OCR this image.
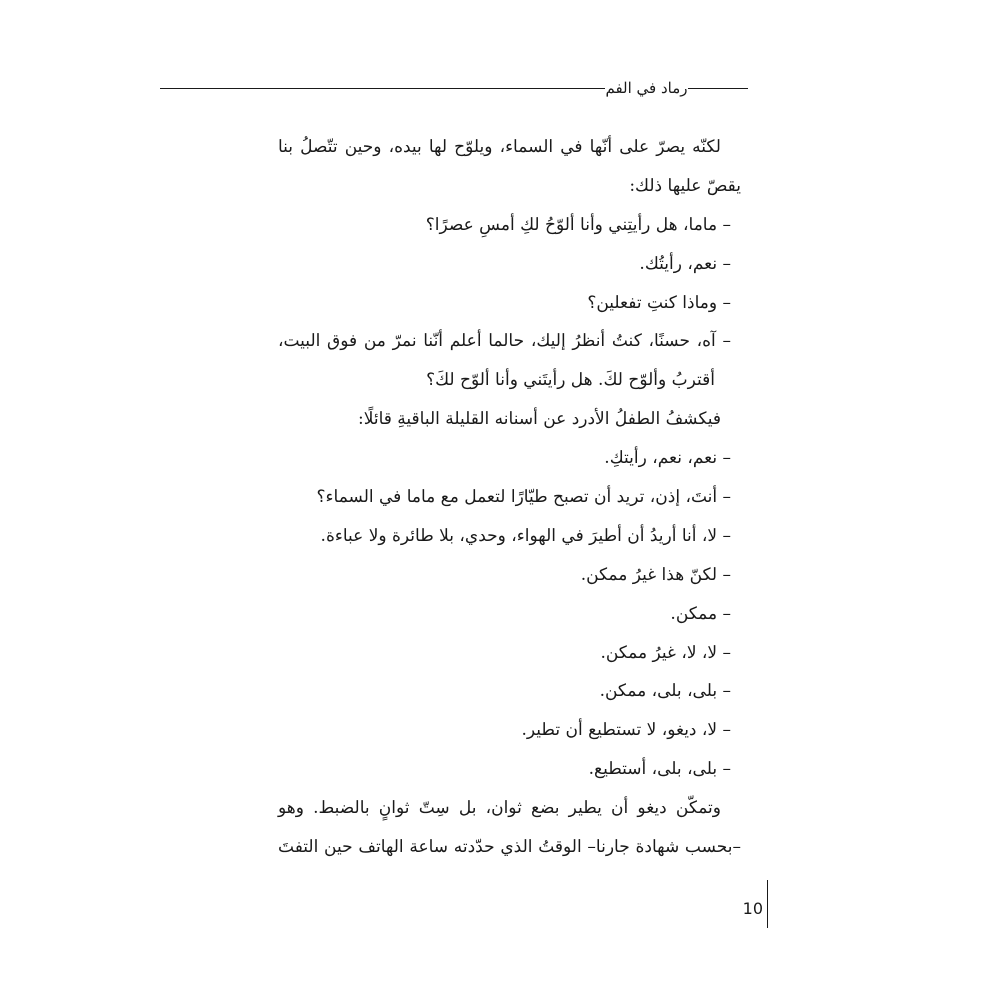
رماد في الفم
لكنّه يصرّ على أنّها في السماء، ويلوّح لها بيده، وحين تتّصلُ بنا
يقصّ عليها ذلك:
– ماما، هل رأيتِني وأنا ألوّحُ لكِ أمسِ عصرًا؟
– نعم، رأيتُك.
– وماذا كنتِ تفعلين؟
– آه، حسنًا، كنتُ أنظرُ إليك، حالما أعلم أنّنا نمرّ من فوق البيت،
أقتربُ وألوّح لكَ. هل رأيتَني وأنا ألوّح لكَ؟
فيكشفُ الطفلُ الأدرد عن أسنانه القليلة الباقيةِ قائلًا:
– نعم، نعم، رأيتكِ.
– أنتَ، إذن، تريد أن تصبح طيّارًا لتعمل مع ماما في السماء؟
– لا، أنا أريدُ أن أطيرَ في الهواء، وحدي، بلا طائرة ولا عباءة.
– لكنّ هذا غيرُ ممكن.
– ممكن.
– لا، لا، غيرُ ممكن.
– بلى، بلى، ممكن.
– لا، ديغو، لا تستطيع أن تطير.
– بلى، بلى، أستطيع.
وتمكّن ديغو أن يطير بضع ثوان، بل سِتّ ثوانٍ بالضبط. وهو
–بحسب شهادة جارنا– الوقتُ الذي حدّدته ساعة الهاتف حين التفتَ
10
